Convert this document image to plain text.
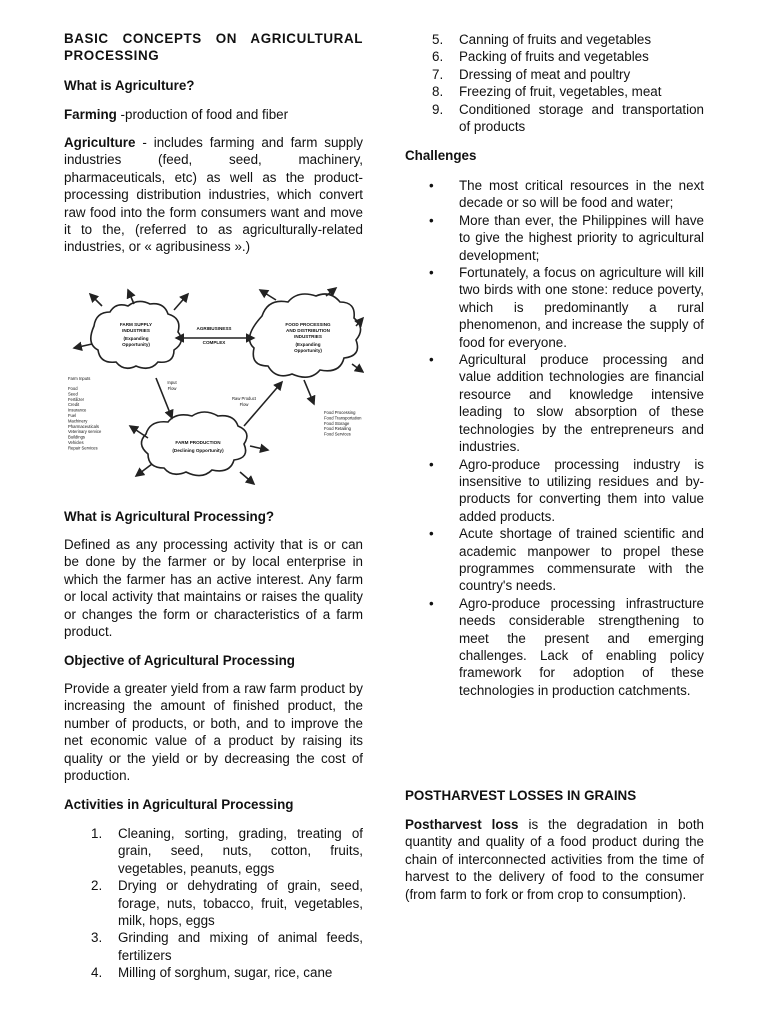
BASIC CONCEPTS ON AGRICULTURAL PROCESSING

What is Agriculture?

Farming -production of food and fiber

Agriculture - includes farming and farm supply industries (feed, seed, machinery, pharmaceuticals, etc) as well as the product-processing distribution industries, which convert raw food into the form consumers want and move it to the, (referred to as agriculturally-related industries, or « agribusiness ».)

FARM SUPPLY
INDUSTRIES
(Expanding
Opportunity)
AGRIBUSINESS
COMPLEX
FOOD PROCESSING
AND DISTRIBUTION
INDUSTRIES
(Expanding
Opportunity)
FARM PRODUCTION
(Declining Opportunity)
Input
Flow
Raw Product
Flow
Farm Inputs
Food
Seed
Fertilizer
Credit
Insurance
Fuel
Machinery
Pharmaceuticals
Veterinary service
Buildings
Vehicles
Repair Services
Food Processing
Food Transportation
Food Storage
Food Retailing
Food Services

What is Agricultural Processing?

Defined as any processing activity that is or can be done by the farmer or by local enterprise in which the farmer has an active interest. Any farm or local activity that maintains or raises the quality or changes the form or characteristics of a farm product.

Objective of Agricultural Processing

Provide a greater yield from a raw farm product by increasing the amount of finished product, the number of products, or both, and to improve the net economic value of a product by raising its quality or the yield or by decreasing the cost of production.

Activities in Agricultural Processing

1. Cleaning, sorting, grading, treating of grain, seed, nuts, cotton, fruits, vegetables, peanuts, eggs
2. Drying or dehydrating of grain, seed, forage, nuts, tobacco, fruit, vegetables, milk, hops, eggs
3. Grinding and mixing of animal feeds, fertilizers
4. Milling of sorghum, sugar, rice, cane
5. Canning of fruits and vegetables
6. Packing of fruits and vegetables
7. Dressing of meat and poultry
8. Freezing of fruit, vegetables, meat
9. Conditioned storage and transportation of products

Challenges

• The most critical resources in the next decade or so will be food and water;
• More than ever, the Philippines will have to give the highest priority to agricultural development;
• Fortunately, a focus on agriculture will kill two birds with one stone: reduce poverty, which is predominantly a rural phenomenon, and increase the supply of food for everyone.
• Agricultural produce processing and value addition technologies are financial resource and knowledge intensive leading to slow absorption of these technologies by the entrepreneurs and industries.
• Agro-produce processing industry is insensitive to utilizing residues and by-products for converting them into value added products.
• Acute shortage of trained scientific and academic manpower to propel these programmes commensurate with the country's needs.
• Agro-produce processing infrastructure needs considerable strengthening to meet the present and emerging challenges. Lack of enabling policy framework for adoption of these technologies in production catchments.

POSTHARVEST LOSSES IN GRAINS

Postharvest loss is the degradation in both quantity and quality of a food product during the chain of interconnected activities from the time of harvest to the delivery of food to the consumer (from farm to fork or from crop to consumption).
